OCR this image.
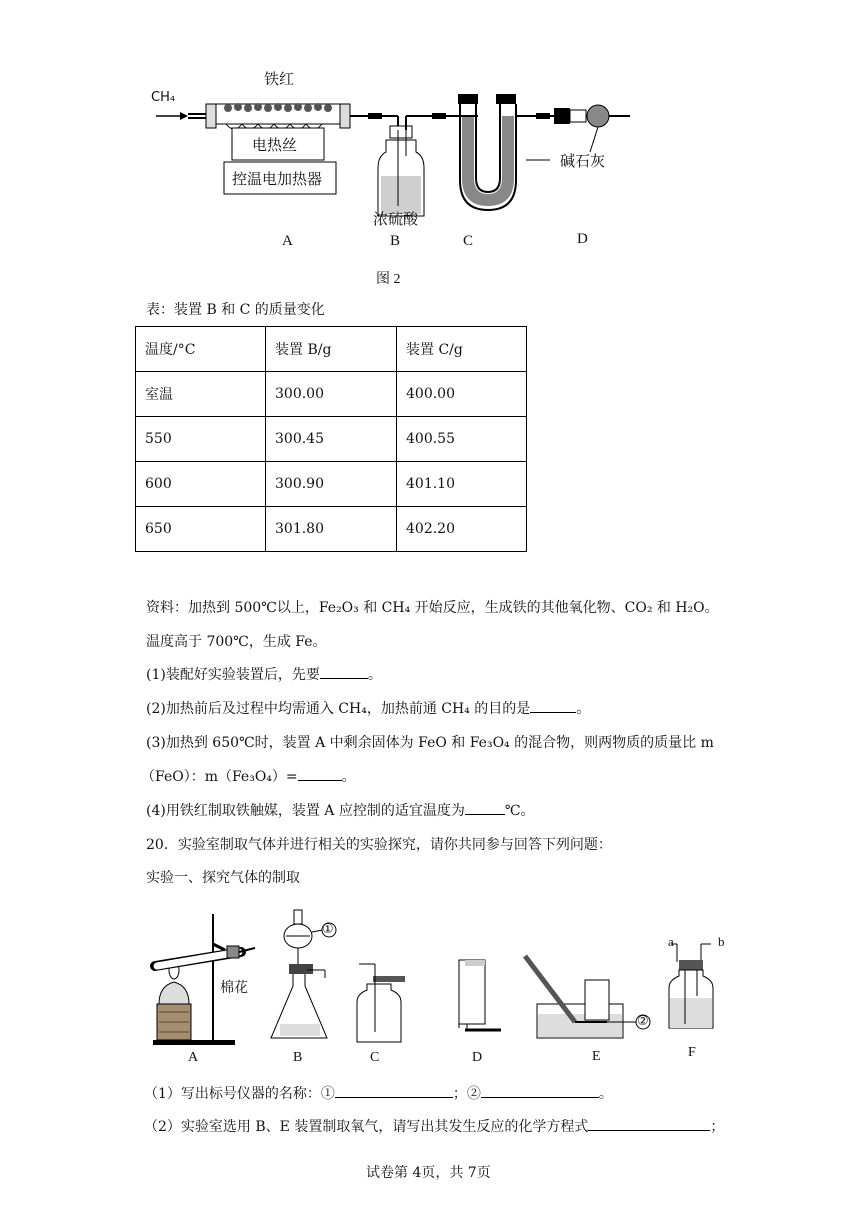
CH₄
铁红
电热丝
控温电加热器
浓硫酸
碱石灰
A	B	C	D
图 2
表：装置 B 和 C 的质量变化
温度/°C	装置 B/g	装置 C/g
室温	300.00	400.00
550	300.45	400.55
600	300.90	401.10
650	301.80	402.20
资料：加热到 500℃以上，Fe₂O₃ 和 CH₄ 开始反应，生成铁的其他氧化物、CO₂ 和 H₂O。
温度高于 700℃，生成 Fe。
(1)装配好实验装置后，先要	。
(2)加热前后及过程中均需通入 CH₄，加热前通 CH₄ 的目的是	。
(3)加热到 650℃时，装置 A 中剩余固体为 FeO 和 Fe₃O₄ 的混合物，则两物质的质量比 m
（FeO）：m（Fe₃O₄）=	。
(4)用铁红制取铁触媒，装置 A 应控制的适宜温度为	℃。
20．实验室制取气体并进行相关的实验探究，请你共同参与回答下列问题：
实验一、探究气体的制取
棉花
①
②
a	b
A	B	C	D	E	F
（1）写出标号仪器的名称：①	；②	。
（2）实验室选用 B、E 装置制取氧气，请写出其发生反应的化学方程式	；
试卷第 4页，共 7页
